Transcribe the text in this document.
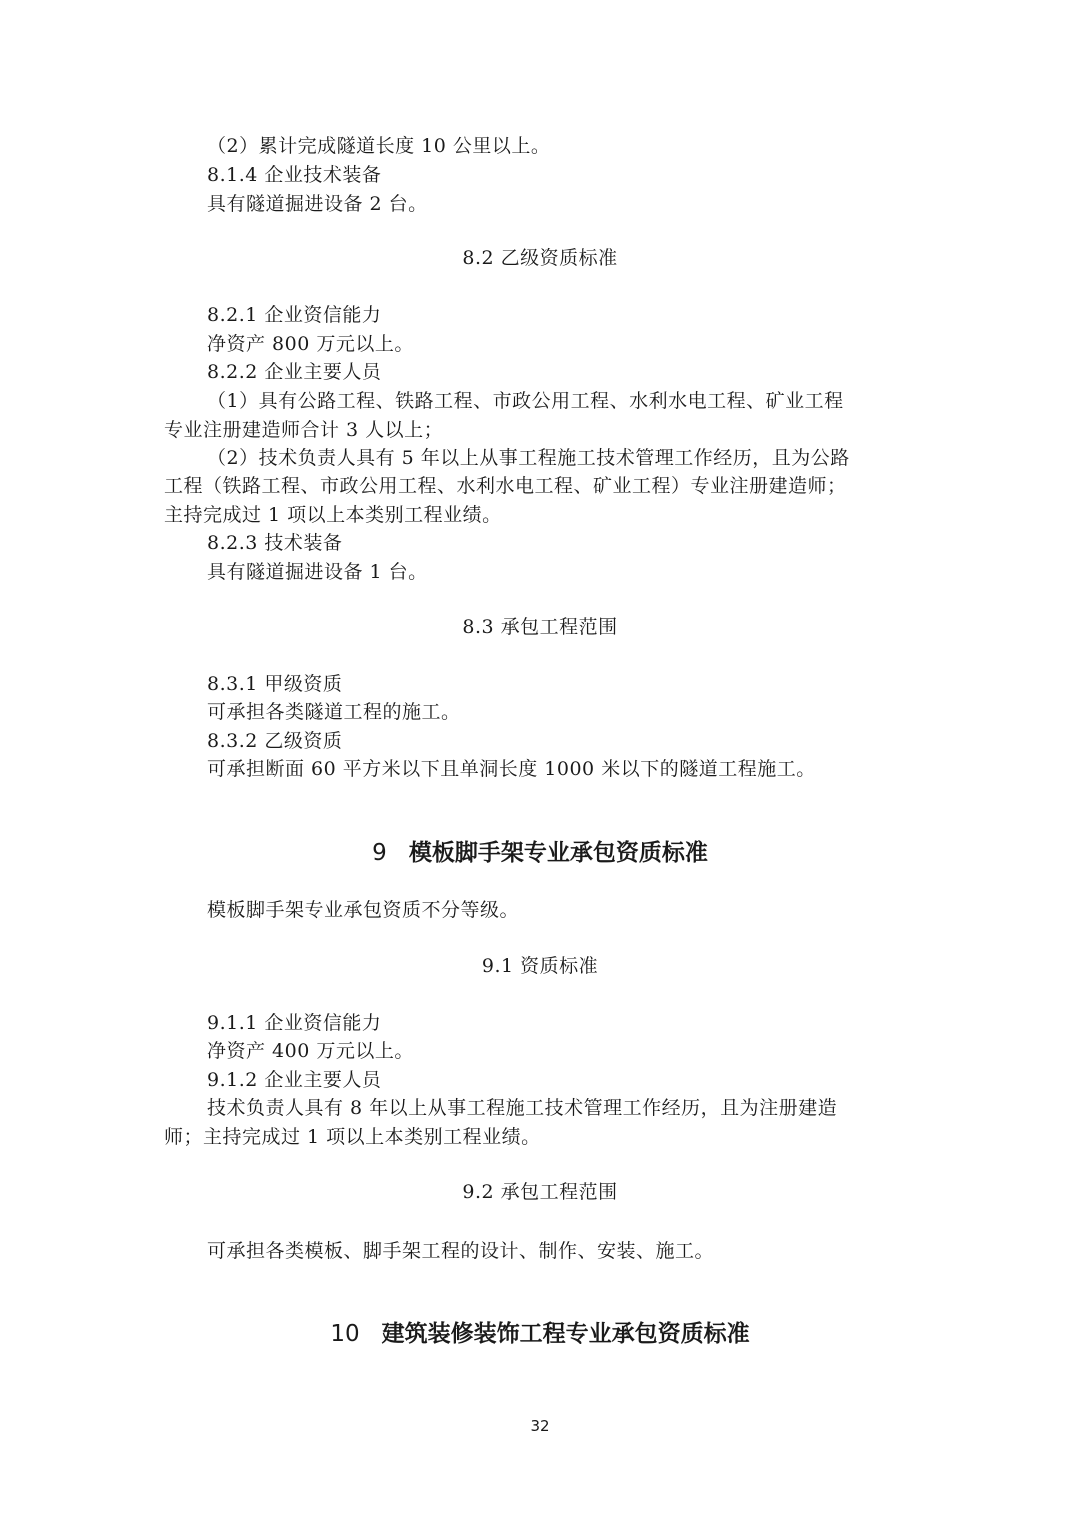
（2）累计完成隧道长度 10 公里以上。
8.1.4 企业技术装备
具有隧道掘进设备 2 台。
8.2 乙级资质标准
8.2.1 企业资信能力
净资产 800 万元以上。
8.2.2 企业主要人员
（1）具有公路工程、铁路工程、市政公用工程、水利水电工程、矿业工程
专业注册建造师合计 3 人以上；
（2）技术负责人具有 5 年以上从事工程施工技术管理工作经历，且为公路
工程（铁路工程、市政公用工程、水利水电工程、矿业工程）专业注册建造师；
主持完成过 1 项以上本类别工程业绩。
8.2.3 技术装备
具有隧道掘进设备 1 台。
8.3 承包工程范围
8.3.1 甲级资质
可承担各类隧道工程的施工。
8.3.2 乙级资质
可承担断面 60 平方米以下且单洞长度 1000 米以下的隧道工程施工。
9 模板脚手架专业承包资质标准
模板脚手架专业承包资质不分等级。
9.1 资质标准
9.1.1 企业资信能力
净资产 400 万元以上。
9.1.2 企业主要人员
技术负责人具有 8 年以上从事工程施工技术管理工作经历，且为注册建造
师；主持完成过 1 项以上本类别工程业绩。
9.2 承包工程范围
可承担各类模板、脚手架工程的设计、制作、安装、施工。
10 建筑装修装饰工程专业承包资质标准
32
